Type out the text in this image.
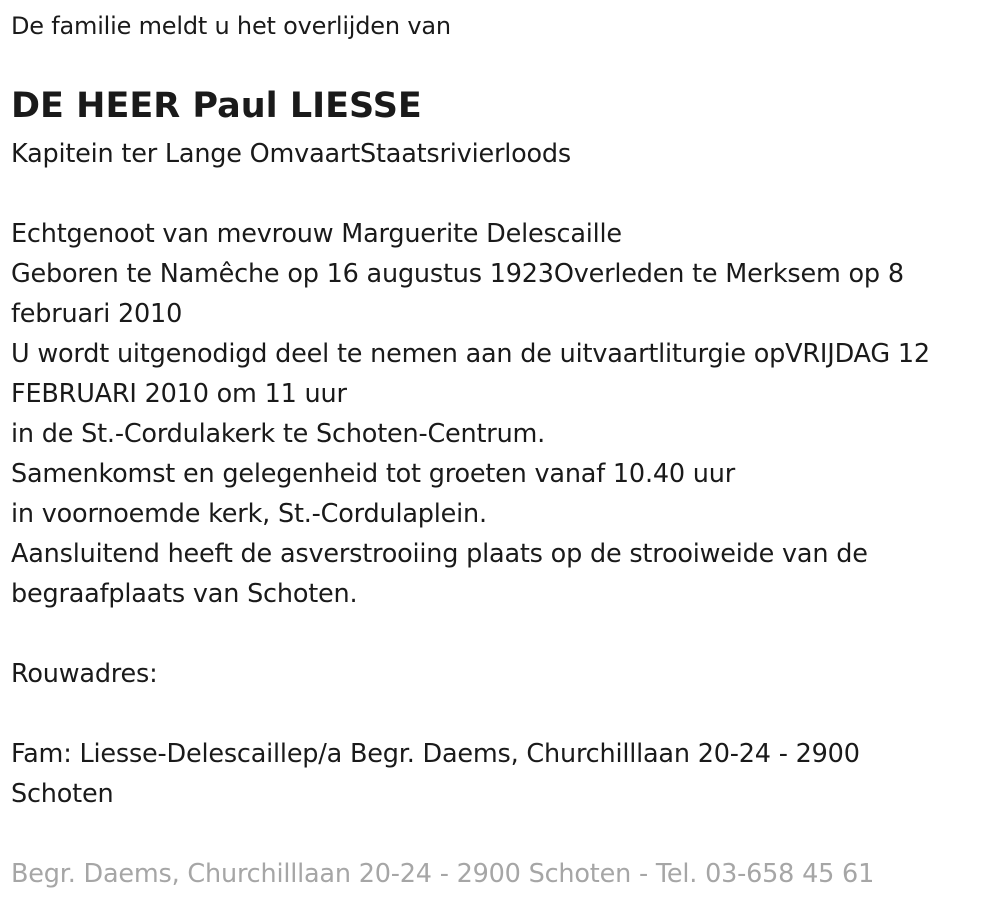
De familie meldt u het overlijden van
DE HEER Paul LIESSE
Kapitein ter Lange OmvaartStaatsrivierloods
Echtgenoot van mevrouw Marguerite Delescaille
Geboren te Namêche op 16 augustus 1923Overleden te Merksem op 8
februari 2010
U wordt uitgenodigd deel te nemen aan de uitvaartliturgie opVRIJDAG 12
FEBRUARI 2010 om 11 uur
in de St.-Cordulakerk te Schoten-Centrum.
Samenkomst en gelegenheid tot groeten vanaf 10.40 uur
in voornoemde kerk, St.-Cordulaplein.
Aansluitend heeft de asverstrooiing plaats op de strooiweide van de
begraafplaats van Schoten.
Rouwadres:
Fam: Liesse-Delescaillep/a Begr. Daems, Churchilllaan 20-24 - 2900
Schoten
Begr. Daems, Churchilllaan 20-24 - 2900 Schoten - Tel. 03-658 45 61
